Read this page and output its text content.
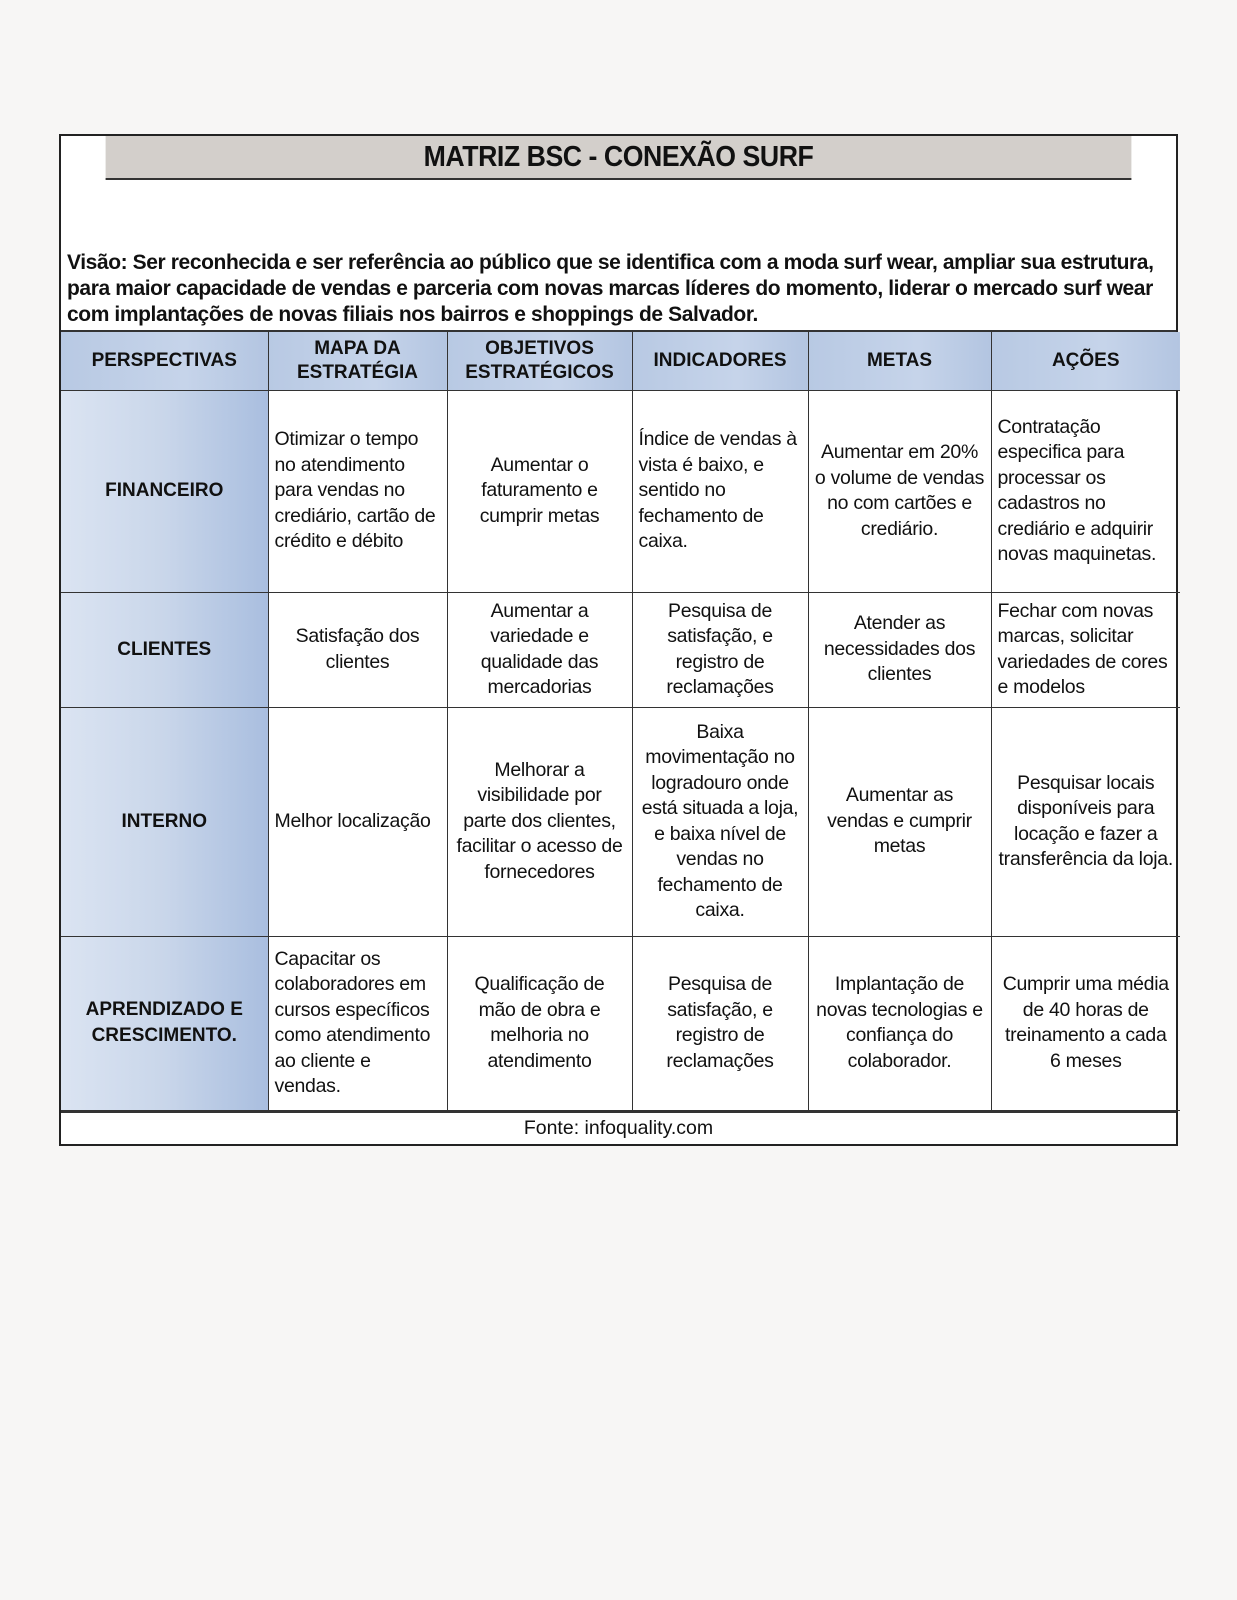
MATRIZ BSC - CONEXÃO SURF

Visão: Ser reconhecida e ser referência ao público que se identifica com a moda surf wear, ampliar sua estrutura, para maior capacidade de vendas e parceria com novas marcas líderes do momento, liderar o mercado surf wear com implantações de novas filiais nos bairros e shoppings de Salvador.

PERSPECTIVAS	MAPA DA ESTRATÉGIA	OBJETIVOS ESTRATÉGICOS	INDICADORES	METAS	AÇÕES
FINANCEIRO	Otimizar o tempo no atendimento para vendas no crediário, cartão de crédito e débito	Aumentar o faturamento e cumprir metas	Índice de vendas à vista é baixo, e sentido no fechamento de caixa.	Aumentar em 20% o volume de vendas no com cartões e crediário.	Contratação especifica para processar os cadastros no crediário e adquirir novas maquinetas.
CLIENTES	Satisfação dos clientes	Aumentar a variedade e qualidade das mercadorias	Pesquisa de satisfação, e registro de reclamações	Atender as necessidades dos clientes	Fechar com novas marcas, solicitar variedades de cores e modelos
INTERNO	Melhor localização	Melhorar a visibilidade por parte dos clientes, facilitar o acesso de fornecedores	Baixa movimentação no logradouro onde está situada a loja, e baixa nível de vendas no fechamento de caixa.	Aumentar as vendas e cumprir metas	Pesquisar locais disponíveis para locação e fazer a transferência da loja.
APRENDIZADO E CRESCIMENTO.	Capacitar os colaboradores em cursos específicos como atendimento ao cliente e vendas.	Qualificação de mão de obra e melhoria no atendimento	Pesquisa de satisfação, e registro de reclamações	Implantação de novas tecnologias e confiança do colaborador.	Cumprir uma média de 40 horas de treinamento a cada 6 meses
Fonte: infoquality.com
